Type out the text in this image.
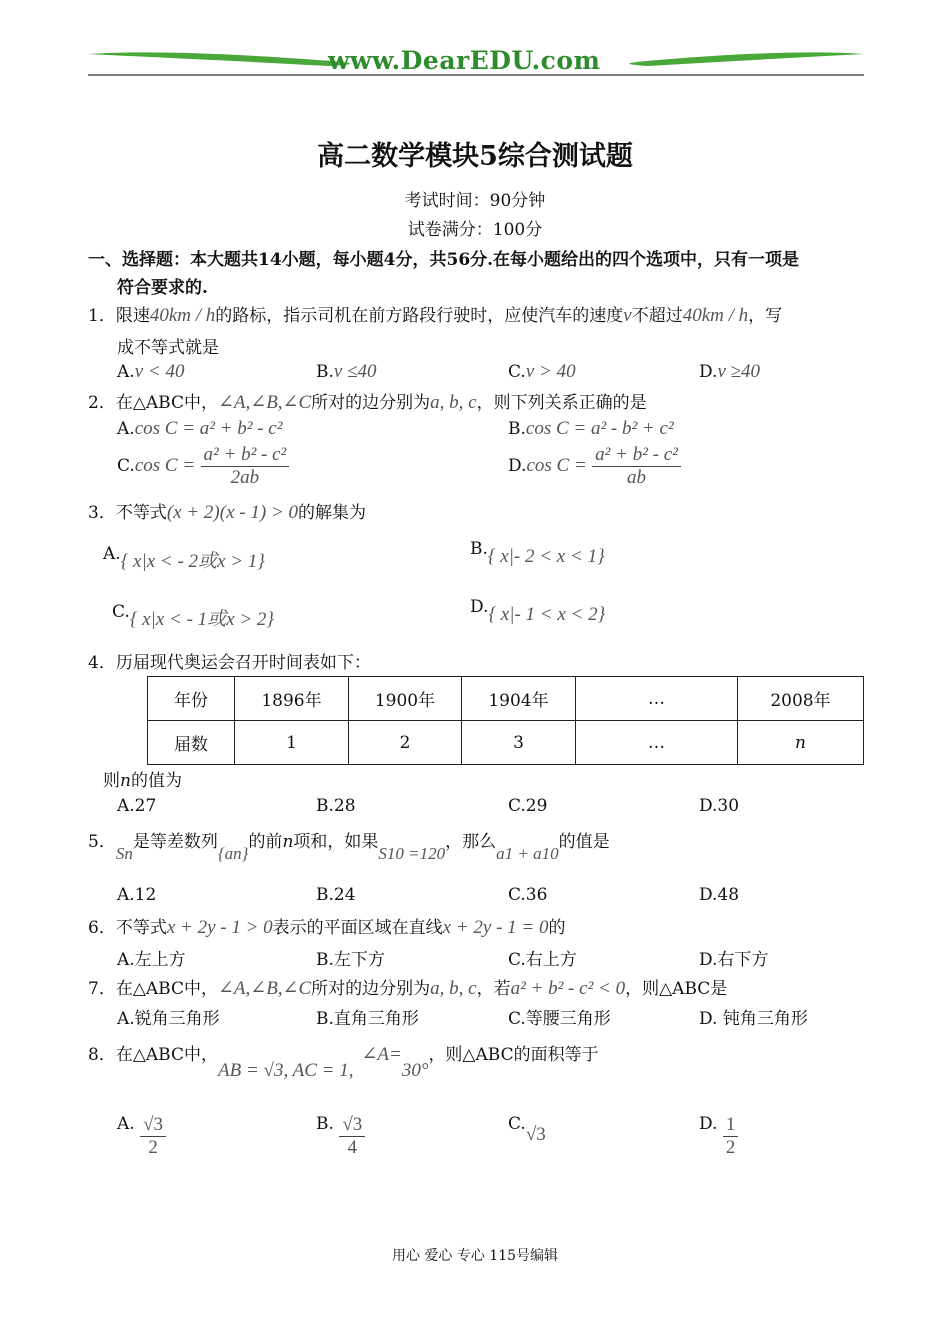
www.DearEDU.com
高二数学模块5综合测试题
考试时间：90分钟
试卷满分：100分
一、选择题：本大题共14小题，每小题4分，共56分.在每小题给出的四个选项中，只有一项是
符合要求的.
1．限速40km / h的路标，指示司机在前方路段行驶时，应使汽车的速度v不超过40km / h，写
成不等式就是
A.v < 40	B.v ≤40	C.v > 40	D.v ≥40
2．在△ABC中，∠A,∠B,∠C所对的边分别为a, b, c，则下列关系正确的是
A.cos C = a² + b² - c²	B.cos C = a² - b² + c²
C.cos $C = \frac{\text{a² + b² - c²}}{2ab}$	D.cos $C = \frac{\text{a² + b² - c²}}{ab}$
3．不等式(x + 2)(x - 1) > 0的解集为
A.{ x|x < - 2或x > 1}
B.{ x|- 2 < x < 1}
C.{ x|x < - 1或x > 2}
D.{ x|- 1 < x < 2}
4．历届现代奥运会召开时间表如下：
年份	1896年	1900年	1904年	…	2008年
届数	1	2	3	…	n
则n的值为
A.27	B.28	C.29	D.30
5．Sn是等差数列{an}的前n项和，如果S10 =120，那么a1 + a10的值是
A.12	B.24	C.36	D.48
6．不等式x + 2y - 1 > 0表示的平面区域在直线x + 2y - 1 = 0的
A.左上方	B.左下方	C.右上方	D.右下方
7．在△ABC中，∠A,∠B,∠C所对的边分别为a, b, c，若a² + b² - c² < 0，则△ABC是
A.锐角三角形	B.直角三角形	C.等腰三角形	D. 钝角三角形
8．在△ABC中，AB = √3, AC = 1,∠A=30°，则△ABC的面积等于
A. $\frac{√3}{2}$	B. $\frac{√3}{4}$	C.√3	D. $\frac{1}{2}$
用心 爱心 专心 115号编辑
